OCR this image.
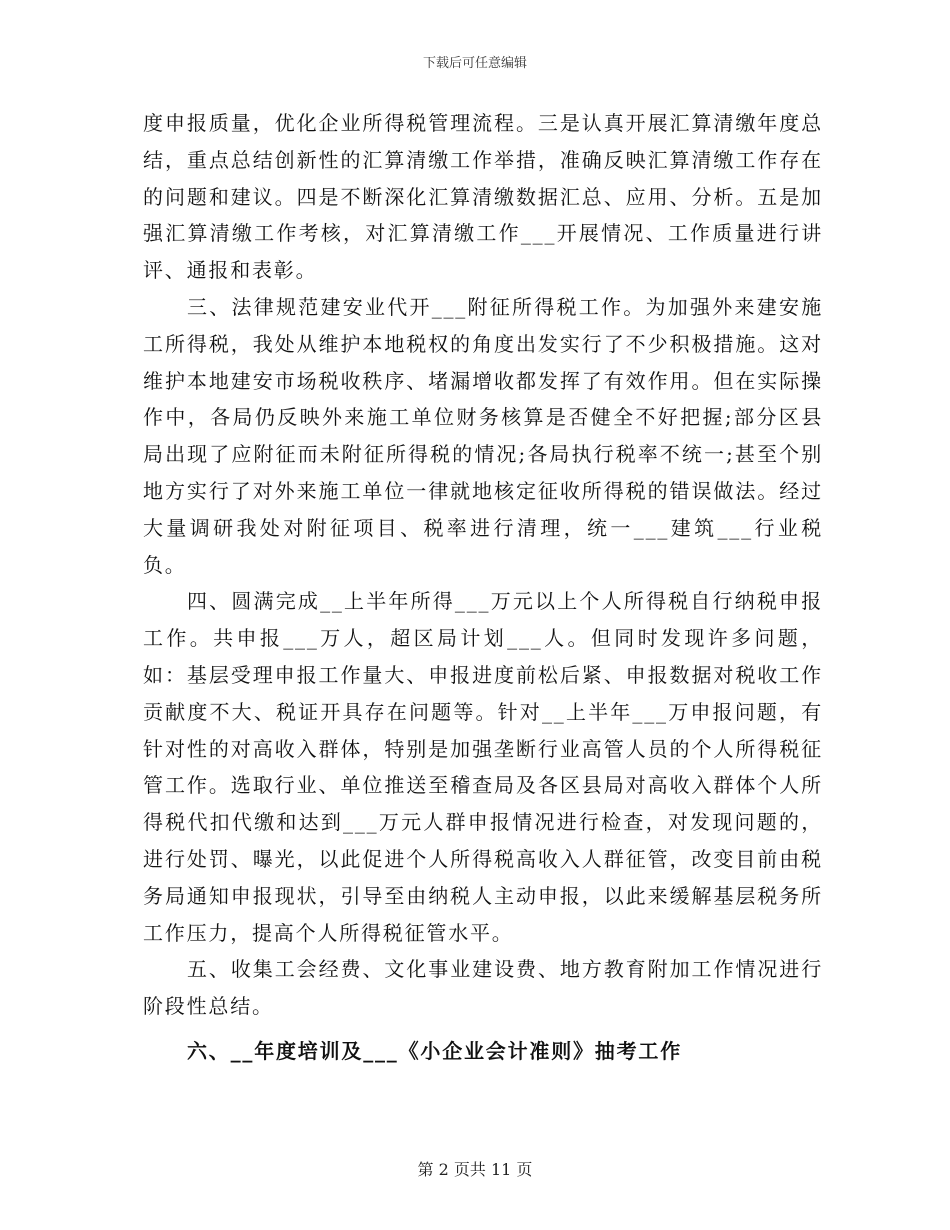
下载后可任意编辑

度申报质量，优化企业所得税管理流程。三是认真开展汇算清缴年度总结，重点总结创新性的汇算清缴工作举措，准确反映汇算清缴工作存在的问题和建议。四是不断深化汇算清缴数据汇总、应用、分析。五是加强汇算清缴工作考核，对汇算清缴工作___开展情况、工作质量进行讲评、通报和表彰。

三、法律规范建安业代开___附征所得税工作。为加强外来建安施工所得税，我处从维护本地税权的角度出发实行了不少积极措施。这对维护本地建安市场税收秩序、堵漏增收都发挥了有效作用。但在实际操作中，各局仍反映外来施工单位财务核算是否健全不好把握;部分区县局出现了应附征而未附征所得税的情况;各局执行税率不统一;甚至个别地方实行了对外来施工单位一律就地核定征收所得税的错误做法。经过大量调研我处对附征项目、税率进行清理，统一___建筑___行业税负。

四、圆满完成__上半年所得___万元以上个人所得税自行纳税申报工作。共申报___万人，超区局计划___人。但同时发现许多问题，如：基层受理申报工作量大、申报进度前松后紧、申报数据对税收工作贡献度不大、税证开具存在问题等。针对__上半年___万申报问题，有针对性的对高收入群体，特别是加强垄断行业高管人员的个人所得税征管工作。选取行业、单位推送至稽查局及各区县局对高收入群体个人所得税代扣代缴和达到___万元人群申报情况进行检查，对发现问题的，进行处罚、曝光，以此促进个人所得税高收入人群征管，改变目前由税务局通知申报现状，引导至由纳税人主动申报，以此来缓解基层税务所工作压力，提高个人所得税征管水平。

五、收集工会经费、文化事业建设费、地方教育附加工作情况进行阶段性总结。

六、__年度培训及___《小企业会计准则》抽考工作

第 2 页共 11 页
